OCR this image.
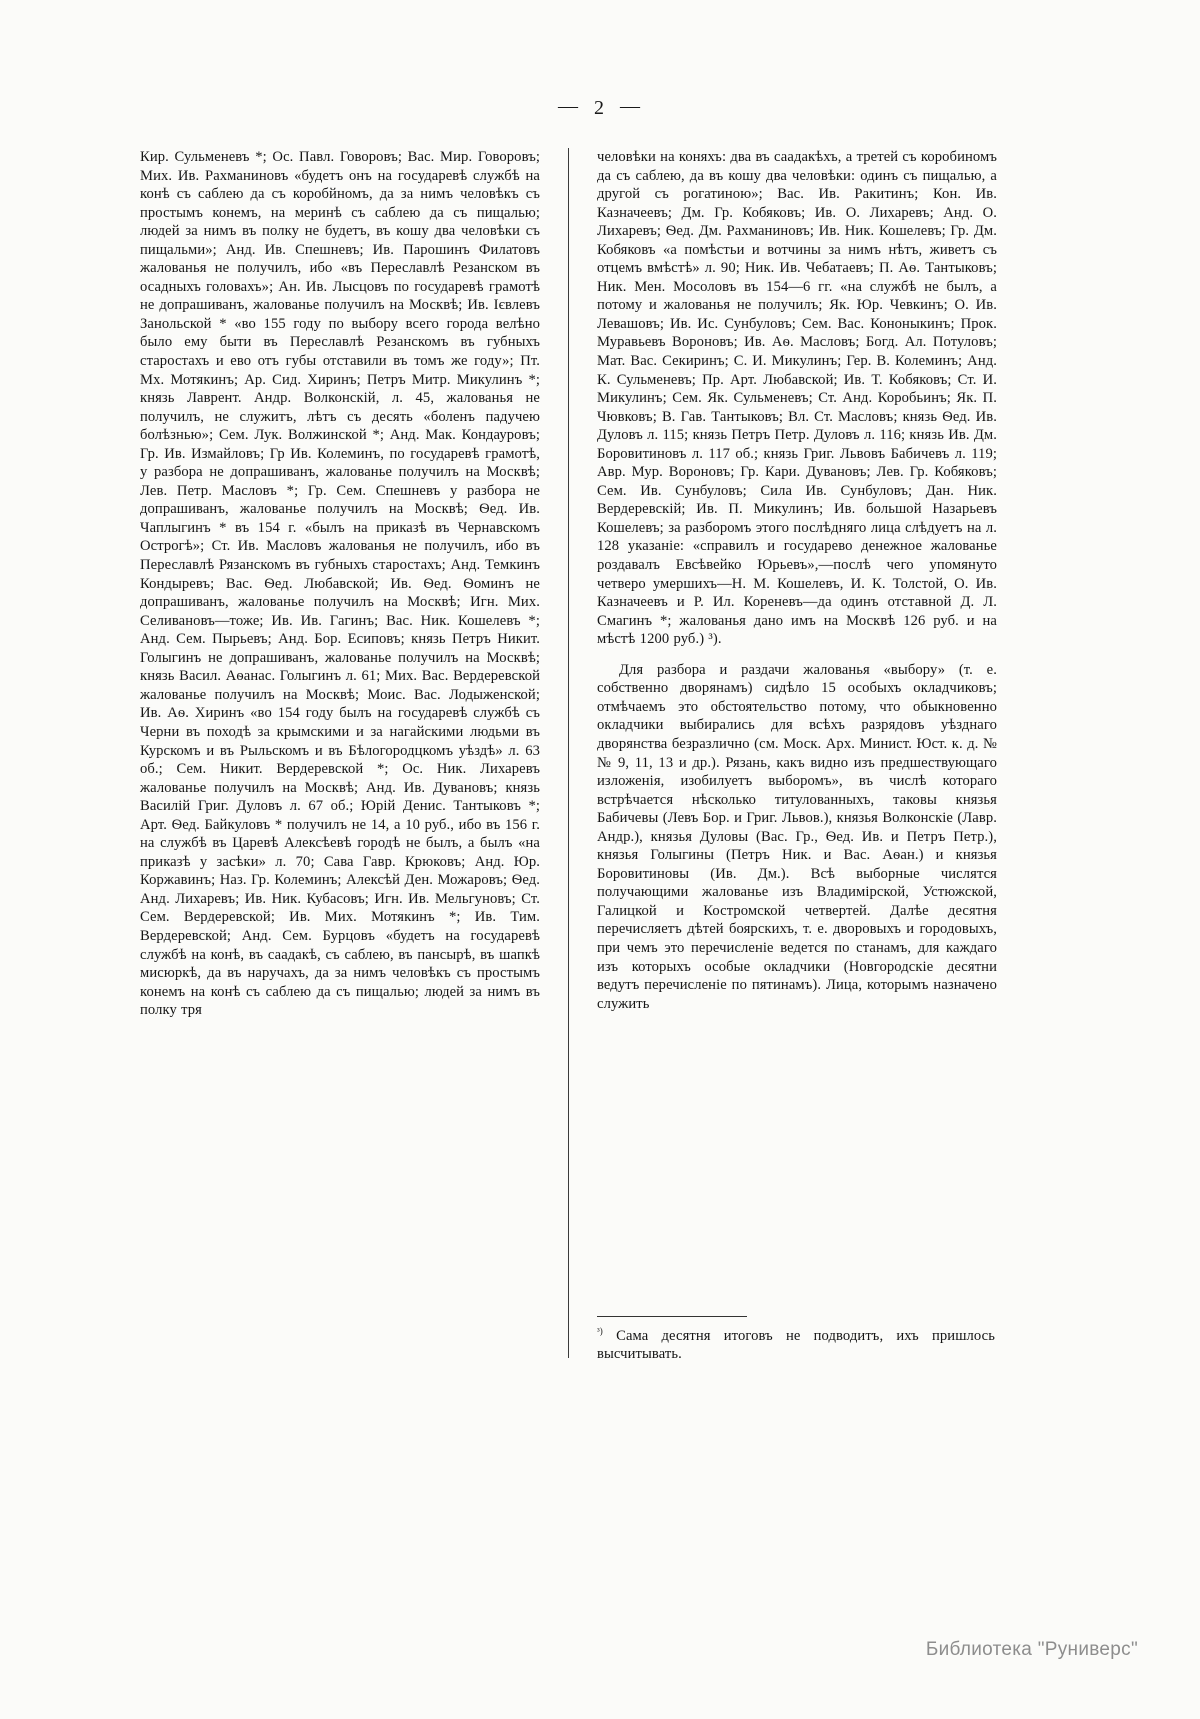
— 2 —

Кир. Сульменевъ *; Ос. Павл. Говоровъ; Вас. Мир. Говоровъ; Мих. Ив. Рахманиновъ «будетъ онъ на государевѣ службѣ на конѣ съ саблею да съ коробйномъ, да за нимъ человѣкъ съ простымъ конемъ, на меринѣ съ саблею да съ пищалью; людей за нимъ въ полку не будетъ, въ кошу два человѣки съ пищальми»; Анд. Ив. Спешневъ; Ив. Парошинъ Филатовъ жалованья не получилъ, ибо «въ Переславлѣ Резанском въ осадныхъ головахъ»; Ан. Ив. Лысцовъ по государевѣ грамотѣ не допрашиванъ, жалованье получилъ на Москвѣ; Ив. Ієвлевъ Занольской * «во 155 году по выбору всего города велѣно было ему быти въ Переславлѣ Резанскомъ въ губныхъ старостахъ и ево отъ губы отставили въ томъ же году»; Пт. Мх. Мотякинъ; Ар. Сид. Хиринъ; Петръ Митр. Микулинъ *; князь Лаврент. Андр. Волконскій, л. 45, жалованья не получилъ, не служитъ, лѣтъ съ десять «боленъ падучею болѣзнью»; Сем. Лук. Волжинской *; Анд. Мак. Кондауровъ; Гр. Ив. Измайловъ; Гр Ив. Колеминъ, по государевѣ грамотѣ, у разбора не допрашиванъ, жалованье получилъ на Москвѣ; Лев. Петр. Масловъ *; Гр. Сем. Спешневъ у разбора не допрашиванъ, жалованье получилъ на Москвѣ; Ѳед. Ив. Чаплыгинъ * въ 154 г. «былъ на приказѣ въ Чернавскомъ Острогѣ»; Ст. Ив. Масловъ жалованья не получилъ, ибо въ Переславлѣ Рязанскомъ въ губныхъ старостахъ; Анд. Темкинъ Кондыревъ; Вас. Ѳед. Любавской; Ив. Ѳед. Ѳоминъ не допрашиванъ, жалованье получилъ на Москвѣ; Игн. Мих. Селивановъ—тоже; Ив. Ив. Гагинъ; Вас. Ник. Кошелевъ *; Анд. Сем. Пырьевъ; Анд. Бор. Есиповъ; князь Петръ Никит. Голыгинъ не допрашиванъ, жалованье получилъ на Москвѣ; князь Васил. Аѳанас. Голыгинъ л. 61; Мих. Вас. Вердеревской жалованье получилъ на Москвѣ; Моис. Вас. Лодыженской; Ив. Аѳ. Хиринъ «во 154 году былъ на государевѣ службѣ съ Черни въ походѣ за крымскими и за нагайскими людьми въ Курскомъ и въ Рыльскомъ и въ Бѣлогородцкомъ уѣздѣ» л. 63 об.; Сем. Никит. Вердеревской *; Ос. Ник. Лихаревъ жалованье получилъ на Москвѣ; Анд. Ив. Дувановъ; князь Василій Григ. Дуловъ л. 67 об.; Юрій Денис. Тантыковъ *; Арт. Ѳед. Байкуловъ * получилъ не 14, а 10 руб., ибо въ 156 г. на службѣ въ Царевѣ Алексѣевѣ городѣ не былъ, а былъ «на приказѣ у засѣки» л. 70; Сава Гавр. Крюковъ; Анд. Юр. Коржавинъ; Наз. Гр. Колеминъ; Алексѣй Ден. Можаровъ; Ѳед. Анд. Лихаревъ; Ив. Ник. Кубасовъ; Игн. Ив. Мельгуновъ; Ст. Сем. Вердеревской; Ив. Мих. Мотякинъ *; Ив. Тим. Вердеревской; Анд. Сем. Бурцовъ «будетъ на государевѣ службѣ на конѣ, въ саадакѣ, съ саблею, въ пансырѣ, въ шапкѣ мисюркѣ, да въ наручахъ, да за нимъ человѣкъ съ простымъ конемъ на конѣ съ саблею да съ пищалью; людей за нимъ въ полку тря

человѣки на коняхъ: два въ саадакѣхъ, а третей съ коробиномъ да съ саблею, да въ кошу два человѣки: одинъ съ пищалью, а другой съ рогатиною»; Вас. Ив. Ракитинъ; Кон. Ив. Казначеевъ; Дм. Гр. Кобяковъ; Ив. О. Лихаревъ; Анд. О. Лихаревъ; Ѳед. Дм. Рахманиновъ; Ив. Ник. Кошелевъ; Гр. Дм. Кобяковъ «а помѣстьи и вотчины за нимъ нѣтъ, живетъ съ отцемъ вмѣстѣ» л. 90; Ник. Ив. Чебатаевъ; П. Аѳ. Тантыковъ; Ник. Мен. Мосоловъ въ 154—6 гг. «на службѣ не былъ, а потому и жалованья не получилъ; Як. Юр. Чевкинъ; О. Ив. Левашовъ; Ив. Ис. Сунбуловъ; Сем. Вас. Кононыкинъ; Прок. Муравьевъ Вороновъ; Ив. Аѳ. Масловъ; Богд. Ал. Потуловъ; Мат. Вас. Секиринъ; С. И. Микулинъ; Гер. В. Колеминъ; Анд. К. Сульменевъ; Пр. Арт. Любавской; Ив. Т. Кобяковъ; Ст. И. Микулинъ; Сем. Як. Сульменевъ; Ст. Анд. Коробьинъ; Як. П. Чювковъ; В. Гав. Тантыковъ; Вл. Ст. Масловъ; князь Ѳед. Ив. Дуловъ л. 115; князь Петръ Петр. Дуловъ л. 116; князь Ив. Дм. Боровитиновъ л. 117 об.; князь Григ. Львовъ Бабичевъ л. 119; Авр. Мур. Вороновъ; Гр. Кари. Дувановъ; Лев. Гр. Кобяковъ; Сем. Ив. Сунбуловъ; Сила Ив. Сунбуловъ; Дан. Ник. Вердеревскій; Ив. П. Микулинъ; Ив. большой Назарьевъ Кошелевъ; за разборомъ этого послѣдняго лица слѣдуетъ на л. 128 указаніе: «справилъ и государево денежное жалованье роздавалъ Евсѣвейко Юрьевъ»,—послѣ чего упомянуто четверо умершихъ—Н. М. Кошелевъ, И. К. Толстой, О. Ив. Казначеевъ и Р. Ил. Кореневъ—да одинъ отставной Д. Л. Смагинъ *; жалованья дано имъ на Москвѣ 126 руб. и на мѣстѣ 1200 руб.) ³).

Для разбора и раздачи жалованья «выбору» (т. е. собственно дворянамъ) сидѣло 15 особыхъ окладчиковъ; отмѣчаемъ это обстоятельство потому, что обыкновенно окладчики выбирались для всѣхъ разрядовъ уѣзднаго дворянства безразлично (см. Моск. Арх. Минист. Юст. к. д. №№ 9, 11, 13 и др.). Рязань, какъ видно изъ предшествующаго изложенія, изобилуетъ выборомъ», въ числѣ котораго встрѣчается нѣсколько титулованныхъ, таковы князья Бабичевы (Левъ Бор. и Григ. Львов.), князья Волконскіе (Лавр. Андр.), князья Дуловы (Вас. Гр., Ѳед. Ив. и Петръ Петр.), князья Голыгины (Петръ Ник. и Вас. Аѳан.) и князья Боровитиновы (Ив. Дм.). Всѣ выборные числятся получающими жалованье изъ Владимірской, Устюжской, Галицкой и Костромской четвертей. Далѣе десятня перечисляетъ дѣтей боярскихъ, т. е. дворовыхъ и городовыхъ, при чемъ это перечисленіе ведется по станамъ, для каждаго изъ которыхъ особые окладчики (Новгородскіе десятни ведутъ перечисленіе по пятинамъ). Лица, которымъ назначено служить

$^{^3)}$ Сама десятня итоговъ не подводитъ, ихъ пришлось высчитывать.

Библиотека "Руниверс"
